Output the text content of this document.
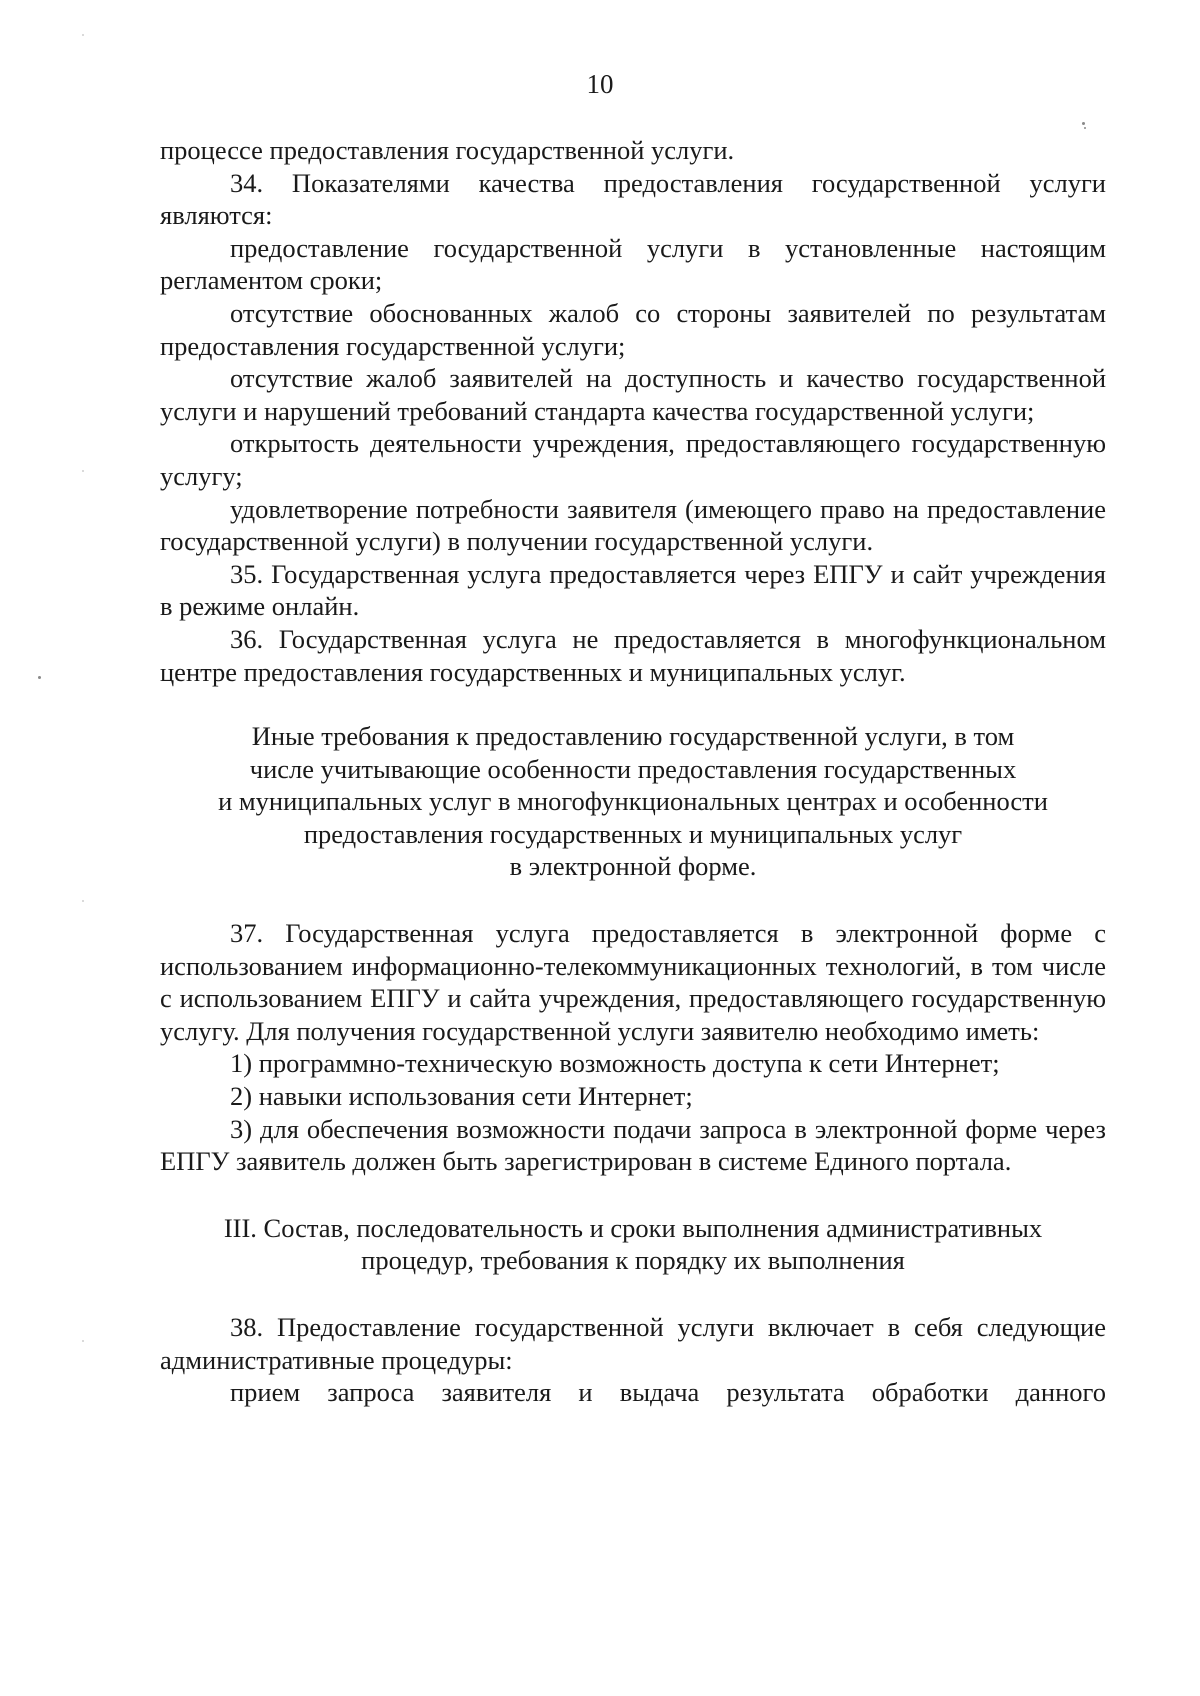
10

процессе предоставления государственной услуги.

34. Показателями качества предоставления государственной услуги являются:

предоставление государственной услуги в установленные настоящим регламентом сроки;

отсутствие обоснованных жалоб со стороны заявителей по результатам предоставления государственной услуги;

отсутствие жалоб заявителей на доступность и качество государственной услуги и нарушений требований стандарта качества государственной услуги;

открытость деятельности учреждения, предоставляющего государственную услугу;

удовлетворение потребности заявителя (имеющего право на предоставление государственной услуги) в получении государственной услуги.

35. Государственная услуга предоставляется через ЕПГУ и сайт учреждения в режиме онлайн.

36. Государственная услуга не предоставляется в многофункциональном центре предоставления государственных и муниципальных услуг.

Иные требования к предоставлению государственной услуги, в том

числе учитывающие особенности предоставления государственных

и муниципальных услуг в многофункциональных центрах и особенности

предоставления государственных и муниципальных услуг

в электронной форме.

37. Государственная услуга предоставляется в электронной форме с использованием информационно-телекоммуникационных технологий, в том числе с использованием ЕПГУ и сайта учреждения, предоставляющего государственную услугу. Для получения государственной услуги заявителю необходимо иметь:

1) программно-техническую возможность доступа к сети Интернет;

2) навыки использования сети Интернет;

3) для обеспечения возможности подачи запроса в электронной форме через ЕПГУ заявитель должен быть зарегистрирован в системе Единого портала.

III. Состав, последовательность и сроки выполнения административных

процедур, требования к порядку их выполнения

38. Предоставление государственной услуги включает в себя следующие административные процедуры:

прием запроса заявителя и выдача результата обработки данного
